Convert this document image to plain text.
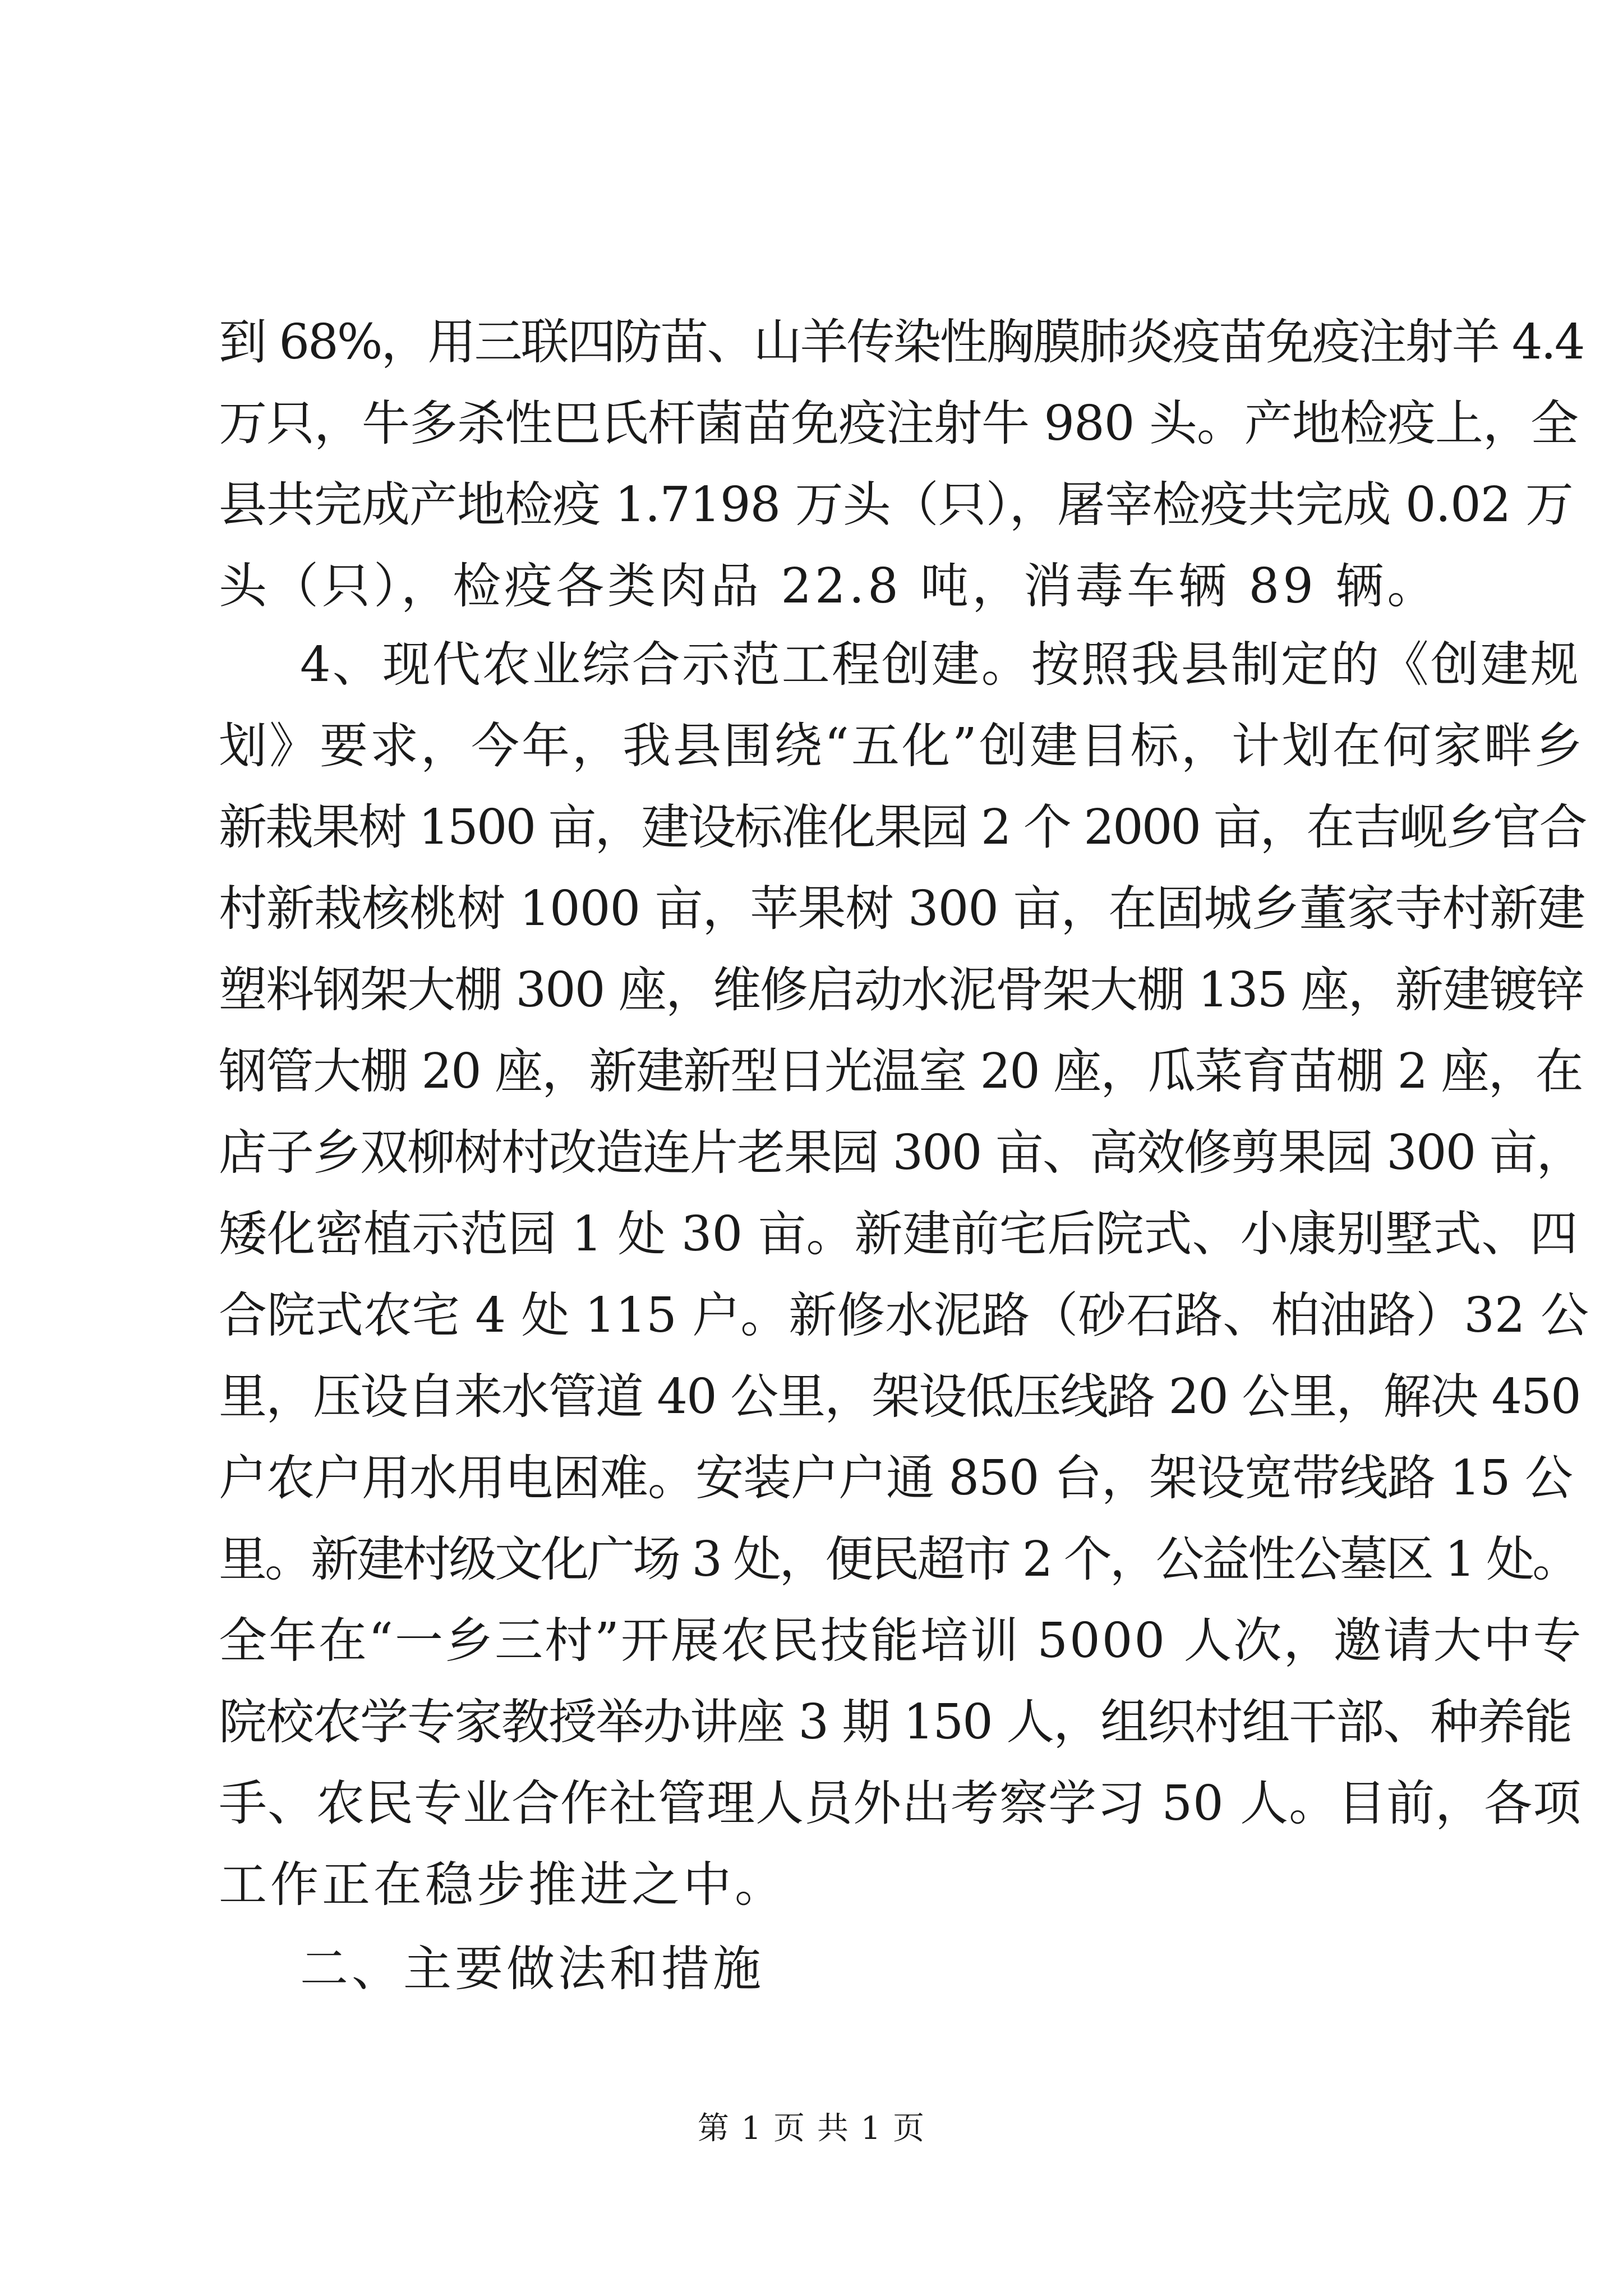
到 68%，用三联四防苗、山羊传染性胸膜肺炎疫苗免疫注射羊 4.4
万只，牛多杀性巴氏杆菌苗免疫注射牛 980 头。产地检疫上，全
县共完成产地检疫 1.7198 万头（只），屠宰检疫共完成 0.02 万
头（只），检疫各类肉品 22.8 吨，消毒车辆 89 辆。
4、现代农业综合示范工程创建。按照我县制定的《创建规
划》要求，今年，我县围绕“五化”创建目标，计划在何家畔乡
新栽果树 1500 亩，建设标准化果园 2 个 2000 亩，在吉岘乡官合
村新栽核桃树 1000 亩，苹果树 300 亩，在固城乡董家寺村新建
塑料钢架大棚 300 座，维修启动水泥骨架大棚 135 座，新建镀锌
钢管大棚 20 座，新建新型日光温室 20 座，瓜菜育苗棚 2 座，在
店子乡双柳树村改造连片老果园 300 亩、高效修剪果园 300 亩，
矮化密植示范园 1 处 30 亩。新建前宅后院式、小康别墅式、四
合院式农宅 4 处 115 户。新修水泥路（砂石路、柏油路）32 公
里，压设自来水管道 40 公里，架设低压线路 20 公里，解决 450
户农户用水用电困难。安装户户通 850 台，架设宽带线路 15 公
里。新建村级文化广场 3 处，便民超市 2 个，公益性公墓区 1 处。
全年在“一乡三村”开展农民技能培训 5000 人次，邀请大中专
院校农学专家教授举办讲座 3 期 150 人，组织村组干部、种养能
手、农民专业合作社管理人员外出考察学习 50 人。目前，各项
工作正在稳步推进之中。
二、主要做法和措施
第 1 页 共 1 页
